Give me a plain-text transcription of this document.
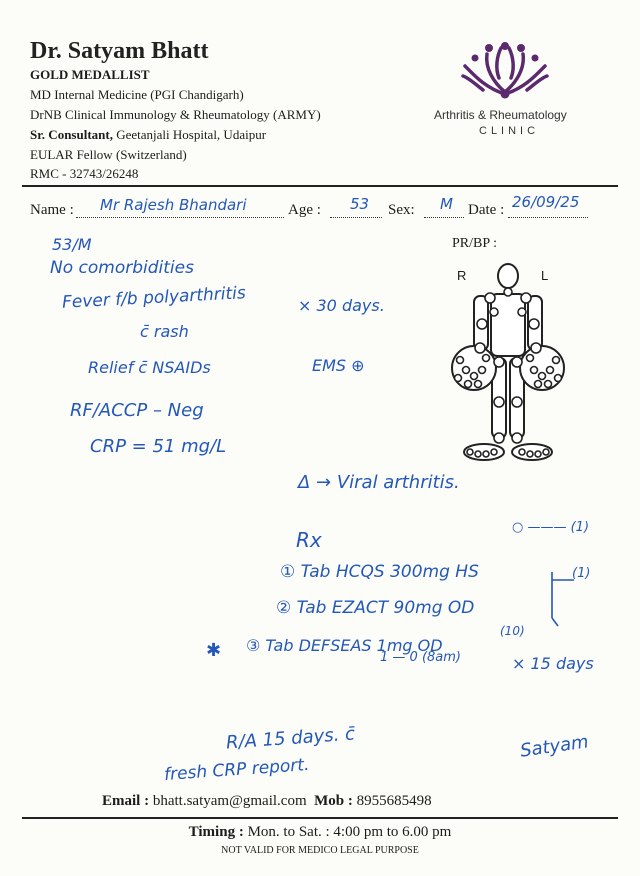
Dr. Satyam Bhatt
GOLD MEDALLIST
MD Internal Medicine (PGI Chandigarh)
DrNB Clinical Immunology & Rheumatology (ARMY)
Sr. Consultant, Geetanjali Hospital, Udaipur
EULAR Fellow (Switzerland)
RMC - 32743/26248
Arthritis & Rheumatology
CLINIC
Name : Mr Rajesh Bhandari	Age : 53 Sex: M Date : 26/09/25
PR/BP :
R	L
53/M
No comorbidities
Fever f/b polyarthritis	× 30 days.
c̄ rash
Relief c̄ NSAIDs	EMS ⊕
RF/ACCP – Neg
CRP = 51 mg/L
Δ → Viral arthritis.
Rx
○ ——— (1)
① Tab HCQS 300mg HS	(1)
② Tab EZACT 90mg OD
✱ ③ Tab DEFSEAS 1mg OD
(10)
1 — 0 (8am)	× 15 days
R/A 15 days. c̄
fresh CRP report.
Satyam
Email : bhatt.satyam@gmail.com Mob : 8955685498
Timing : Mon. to Sat. : 4:00 pm to 6.00 pm
NOT VALID FOR MEDICO LEGAL PURPOSE
